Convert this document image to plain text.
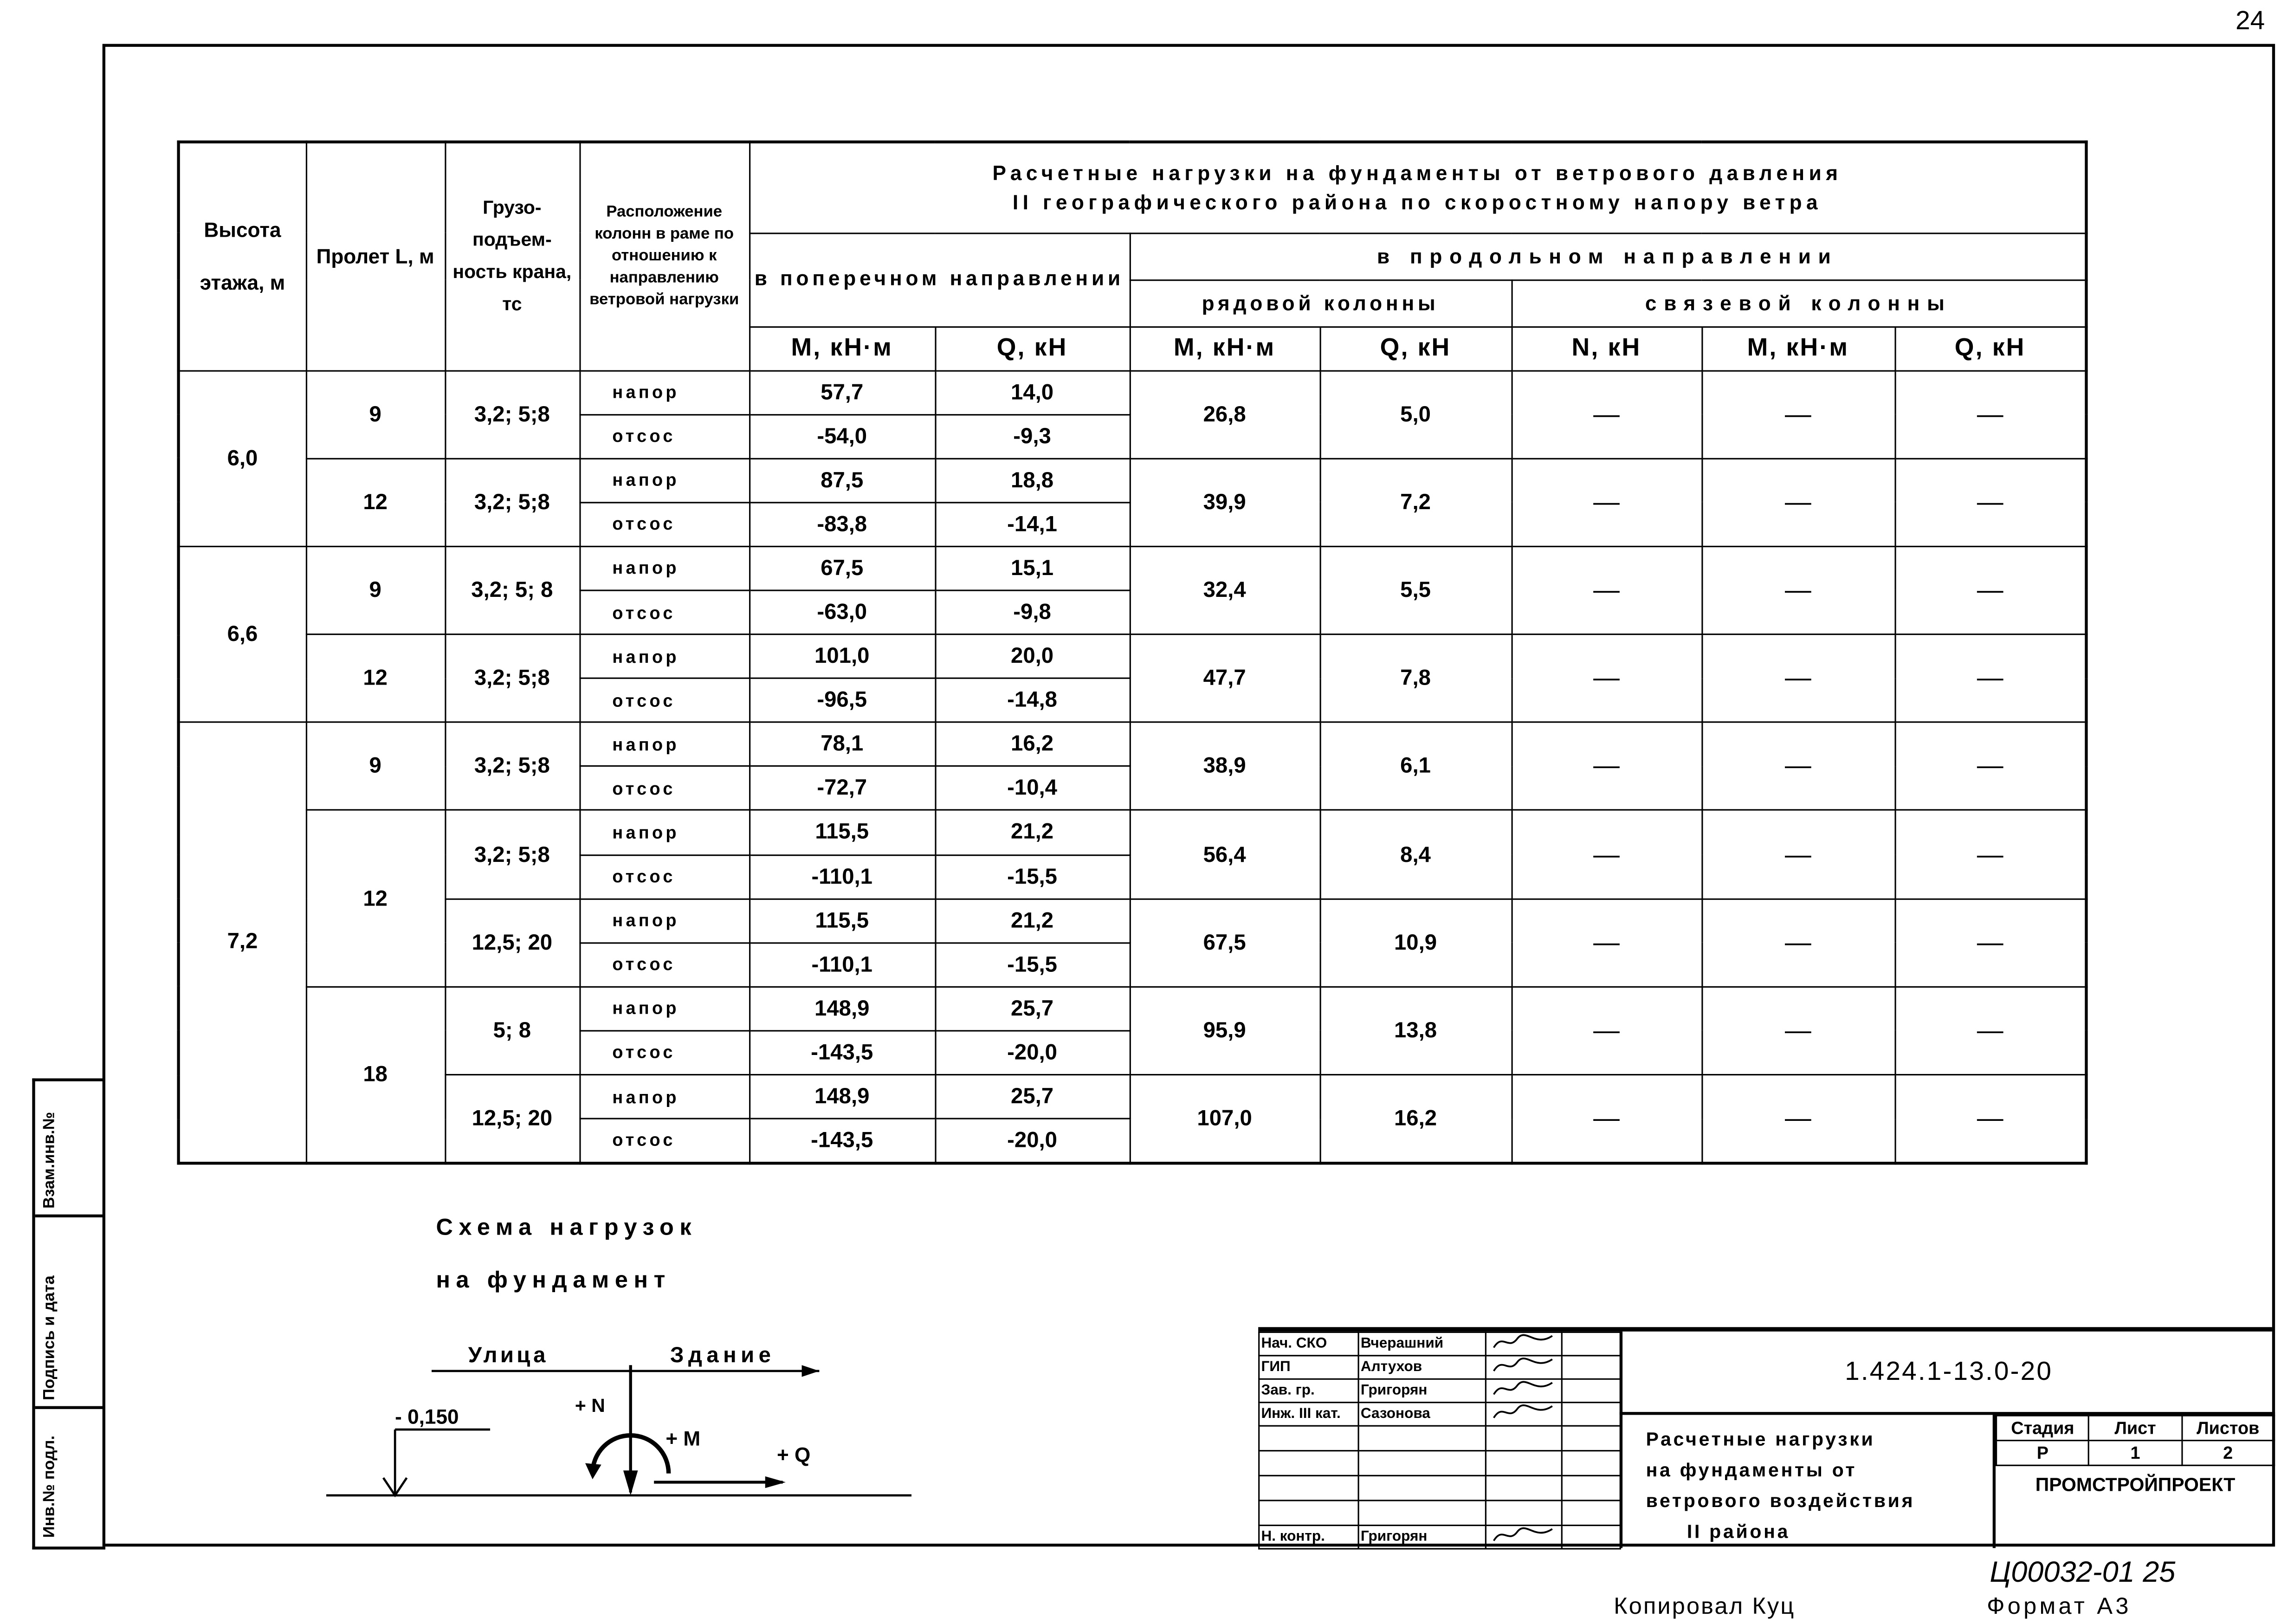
24
Высота этажа, м	Пролет L, м	Грузо-подъем-ность крана, тс	Расположение колонн в раме по отношению к направлению ветровой нагрузки	Расчетные нагрузки на фундаменты от ветрового давления
II географического района по скоростному напору ветра						

				в поперечном направлении		в продольном направлении				
						рядовой колонны		связевой колонны		
				M, кН·м	Q, кН	M, кН·м	Q, кН	N, кН	M, кН·м	Q, кН
6,0	9	3,2; 5;8	напор	57,7	14,0	26,8	5,0	—	—	—
			отсос	-54,0	-9,3					
	12	3,2; 5;8	напор	87,5	18,8	39,9	7,2	—	—	—
			отсос	-83,8	-14,1					
6,6	9	3,2; 5; 8	напор	67,5	15,1	32,4	5,5	—	—	—
			отсос	-63,0	-9,8					
	12	3,2; 5;8	напор	101,0	20,0	47,7	7,8	—	—	—
			отсос	-96,5	-14,8					
7,2	9	3,2; 5;8	напор	78,1	16,2	38,9	6,1	—	—	—
			отсос	-72,7	-10,4					
	12	3,2; 5;8	напор	115,5	21,2	56,4	8,4	—	—	—
			отсос	-110,1	-15,5					
		12,5; 20	напор	115,5	21,2	67,5	10,9	—	—	—
			отсос	-110,1	-15,5					
	18	5; 8	напор	148,9	25,7	95,9	13,8	—	—	—
			отсос	-143,5	-20,0					
		12,5; 20	напор	148,9	25,7	107,0	16,2	—	—	—
			отсос	-143,5	-20,0					
Схема нагрузок
на фундамент
Улица	Здание
- 0,150
+ N
+ M
+ Q
Взам.инв.№
Подпись и дата
Инв.№ подл.
Нач. СКО	Вчерашний		
ГИП	Алтухов		
Зав. гр.	Григорян		
Инж. III кат.	Сазонова		

Н. контр.	Григорян		
1.424.1-13.0-20
Расчетные нагрузки
на фундаменты от
ветрового воздействия
II района
Стадия	Лист	Листов
Р	1	2
ПРОМСТРОЙПРОЕКТ
Ц00032-01 25
Копировал Куц	Формат А3
